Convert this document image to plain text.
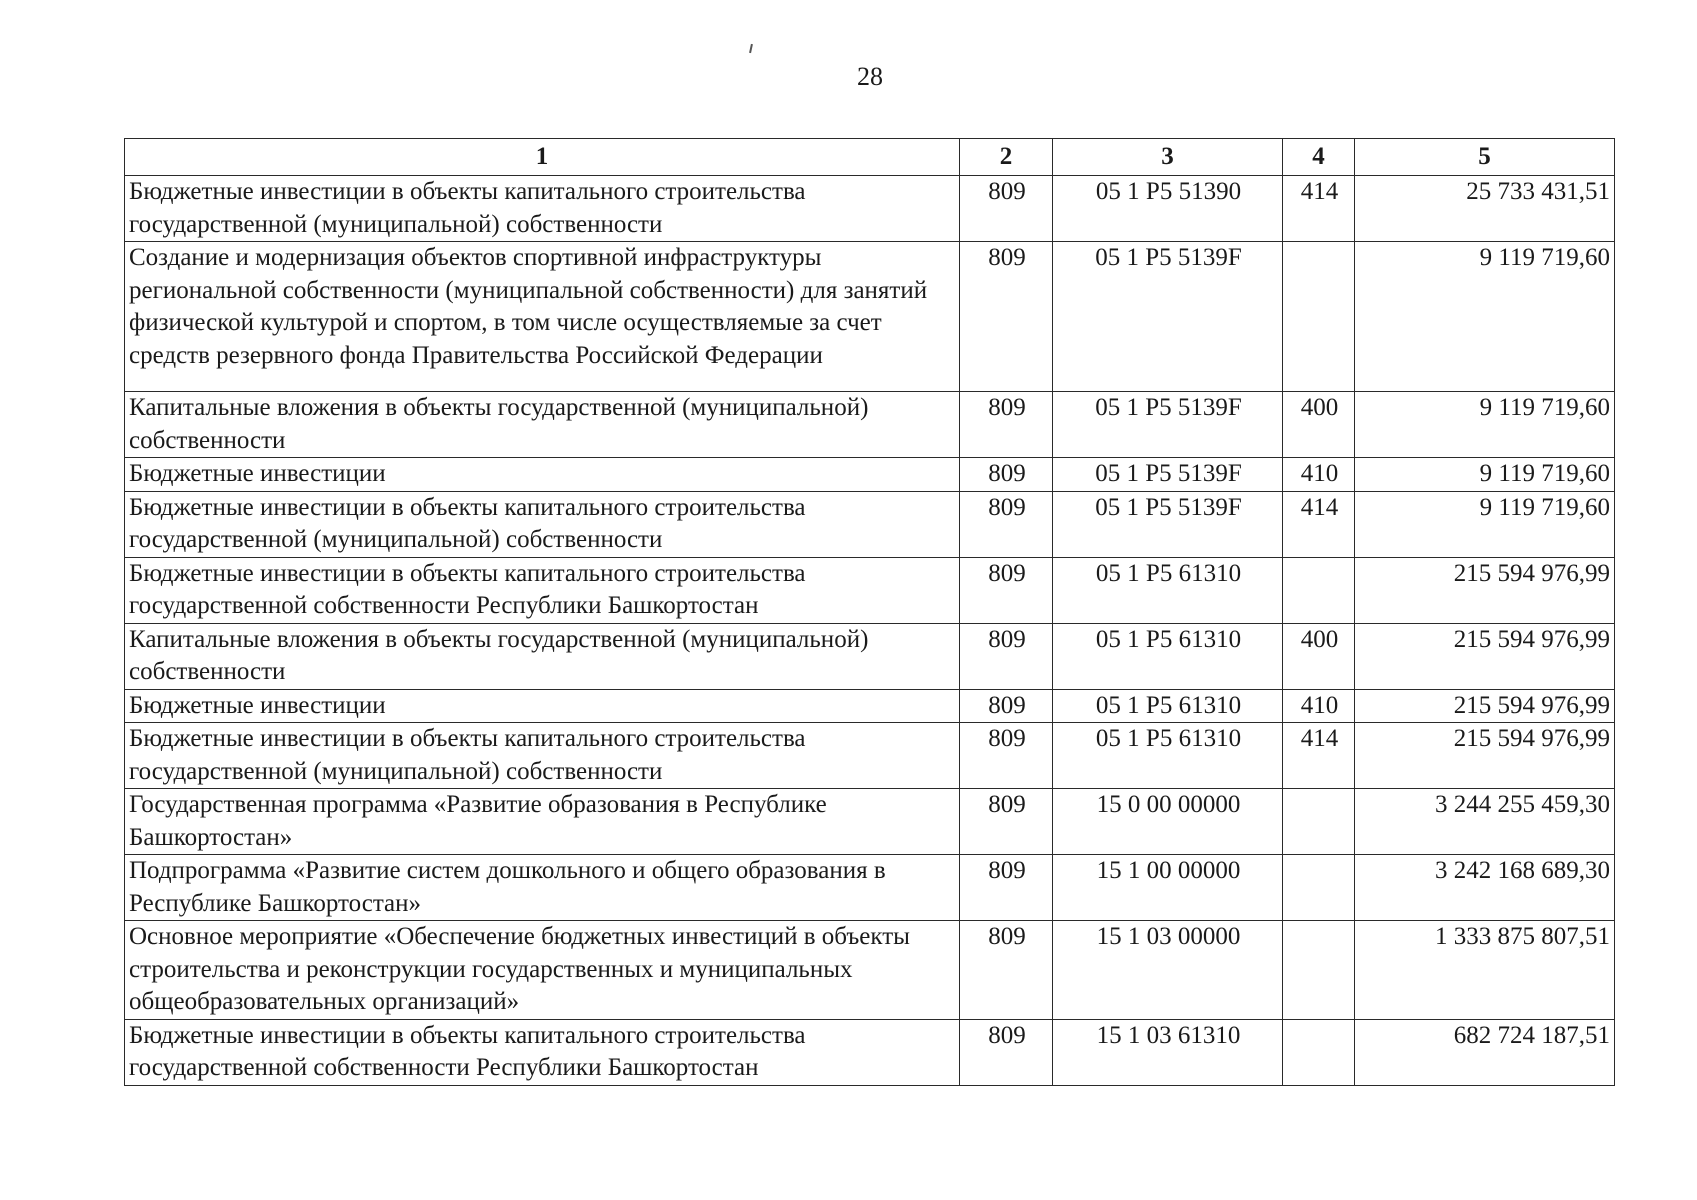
28
1	2	3	4	5
Бюджетные инвестиции в объекты капитального строительства государственной (муниципальной) собственности	809	05 1 P5 51390	414	25 733 431,51
Создание и модернизация объектов спортивной инфраструктуры региональной собственности (муниципальной собственности) для занятий физической культурой и спортом, в том числе осуществляемые за счет средств резервного фонда Правительства Российской Федерации	809	05 1 P5 5139F		9 119 719,60
Капитальные вложения в объекты государственной (муниципальной) собственности	809	05 1 P5 5139F	400	9 119 719,60
Бюджетные инвестиции	809	05 1 P5 5139F	410	9 119 719,60
Бюджетные инвестиции в объекты капитального строительства государственной (муниципальной) собственности	809	05 1 P5 5139F	414	9 119 719,60
Бюджетные инвестиции в объекты капитального строительства государственной собственности Республики Башкортостан	809	05 1 P5 61310		215 594 976,99
Капитальные вложения в объекты государственной (муниципальной) собственности	809	05 1 P5 61310	400	215 594 976,99
Бюджетные инвестиции	809	05 1 P5 61310	410	215 594 976,99
Бюджетные инвестиции в объекты капитального строительства государственной (муниципальной) собственности	809	05 1 P5 61310	414	215 594 976,99
Государственная программа «Развитие образования в Республике Башкортостан»	809	15 0 00 00000		3 244 255 459,30
Подпрограмма «Развитие систем дошкольного и общего образования в Республике Башкортостан»	809	15 1 00 00000		3 242 168 689,30
Основное мероприятие «Обеспечение бюджетных инвестиций в объекты строительства и реконструкции государственных и муниципальных общеобразовательных организаций»	809	15 1 03 00000		1 333 875 807,51
Бюджетные инвестиции в объекты капитального строительства государственной собственности Республики Башкортостан	809	15 1 03 61310		682 724 187,51
